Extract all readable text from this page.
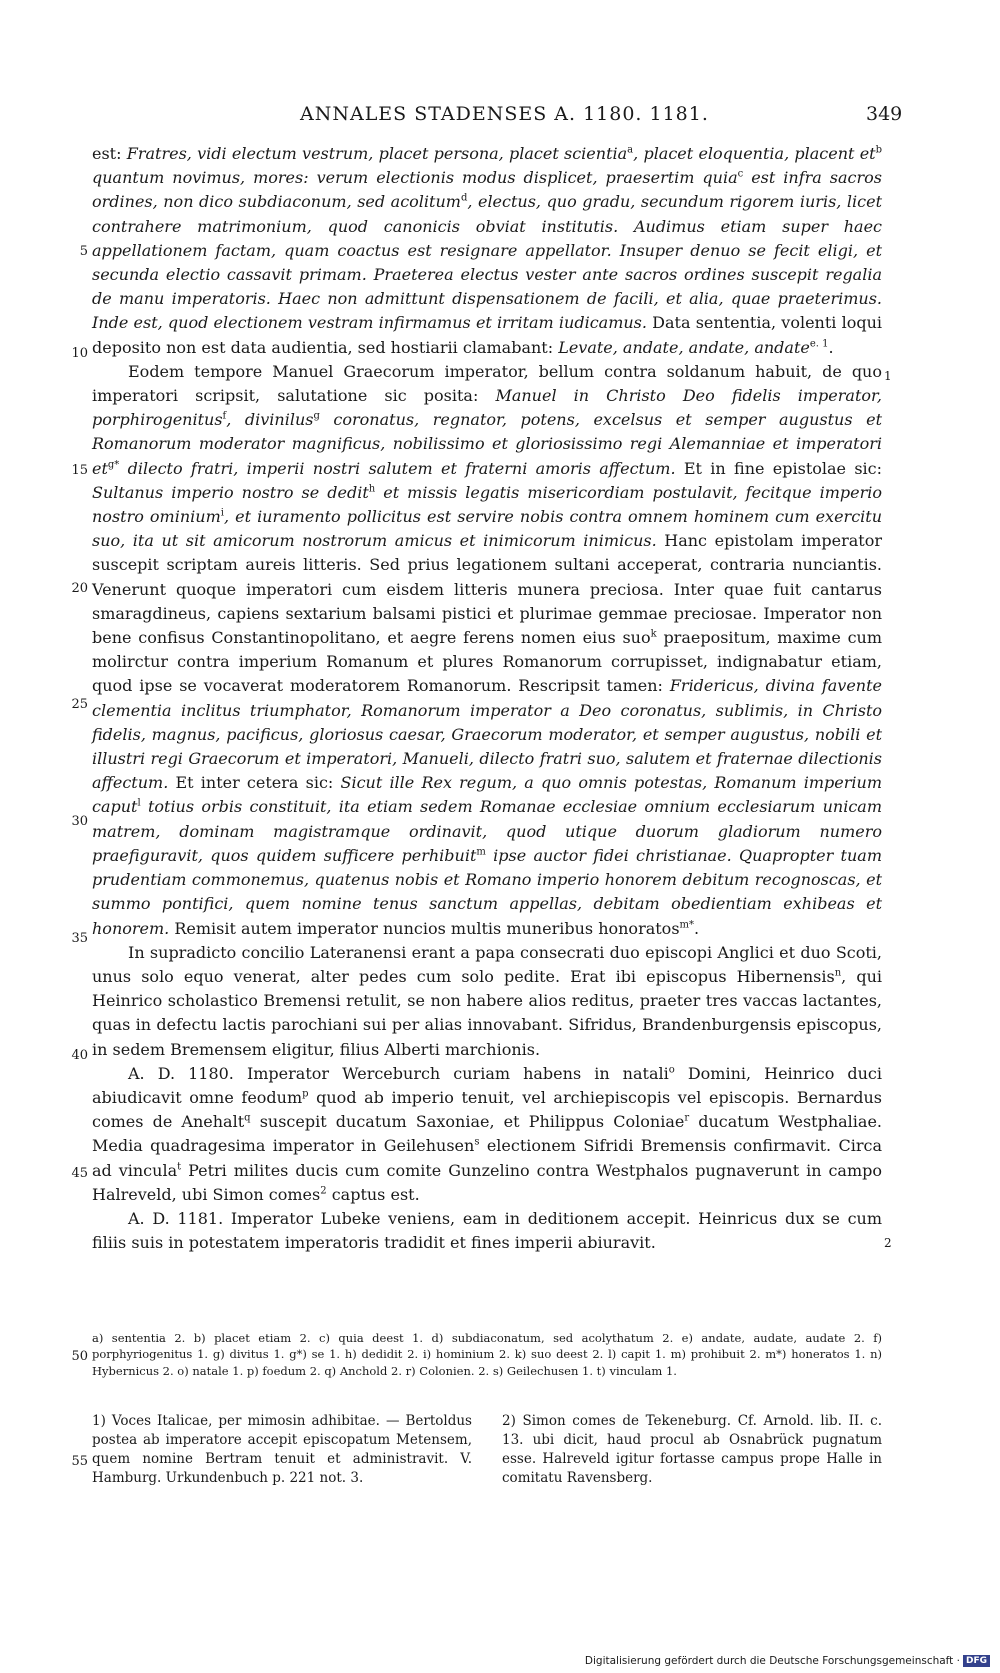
ANNALES STADENSES A. 1180. 1181.	349
5
10
15
20
25
30
35
40
45
50
55
1
2

est: Fratres, vidi electum vestrum, placet persona, placet scientia$^a$, placet eloquentia, placent $et^b$ quantum novimus, mores: verum electionis modus displicet, praesertim quia$^c$ est infra sacros ordines, non dico subdiaconum, sed acolitum$^d$, electus, quo gradu, secundum rigorem iuris, licet contrahere matrimonium, quod canonicis obviat institutis. Audimus etiam super haec appellationem factam, quam coactus est resignare appellator. Insuper denuo se fecit eligi, et secunda electio cassavit primam. Praeterea electus vester ante sacros ordines suscepit regalia de manu imperatoris. Haec non admittunt dispensationem de facili, et alia, quae praeterimus. Inde est, quod electionem vestram infirmamus et irritam iudicamus. Data sententia, volenti loqui deposito non est data audientia, sed hostiarii clamabant: Levate, andate, andate, andate$^{e. 1}$.

Eodem tempore Manuel Graecorum imperator, bellum contra soldanum habuit, de quo imperatori scripsit, salutatione sic posita: Manuel in Christo Deo fidelis imperator, porphirogenitus$^f$, divinilus$^g$ coronatus, regnator, potens, excelsus et semper augustus et Romanorum moderator magnificus, nobilissimo et gloriosissimo regi Alemanniae et imperatori $et^{g*}$ dilecto fratri, imperii nostri salutem et fraterni amoris affectum. Et in fine epistolae sic: Sultanus imperio nostro se dedit$^h$ et missis legatis misericordiam postulavit, fecitque imperio nostro ominium$^i$, et iuramento pollicitus est servire nobis contra omnem hominem cum exercitu suo, ita ut sit amicorum nostrorum amicus et inimicorum inimicus. Hanc epistolam imperator suscepit scriptam aureis litteris. Sed prius legationem sultani acceperat, contraria nunciantis. Venerunt quoque imperatori cum eisdem litteris munera preciosa. Inter quae fuit cantarus smaragdineus, capiens sextarium balsami pistici et plurimae gemmae preciosae. Imperator non bene confisus Constantinopolitano, et aegre ferens nomen eius suo$^k$ praepositum, maxime cum molirctur contra imperium Romanum et plures Romanorum corrupisset, indignabatur etiam, quod ipse se vocaverat moderatorem Romanorum. Rescripsit tamen: Fridericus, divina favente clementia inclitus triumphator, Romanorum imperator a Deo coronatus, sublimis, in Christo fidelis, magnus, pacificus, gloriosus caesar, Graecorum moderator, et semper augustus, nobili et illustri regi Graecorum et imperatori, Manueli, dilecto fratri suo, salutem et fraternae dilectionis affectum. Et inter cetera sic: Sicut ille Rex regum, a quo omnis potestas, Romanum imperium caput$^l$ totius orbis constituit, ita etiam sedem Romanae ecclesiae omnium ecclesiarum unicam matrem, dominam magistramque ordinavit, quod utique duorum gladiorum numero praefiguravit, quos quidem sufficere perhibuit$^m$ ipse auctor fidei christianae. Quapropter tuam prudentiam commonemus, quatenus nobis et Romano imperio honorem debitum recognoscas, et summo pontifici, quem nomine tenus sanctum appellas, debitam obedientiam exhibeas et honorem. Remisit autem imperator nuncios multis muneribus honoratos$^{m*}$.

In supradicto concilio Lateranensi erant a papa consecrati duo episcopi Anglici et duo Scoti, unus solo equo venerat, alter pedes cum solo pedite. Erat ibi episcopus Hibernensis$^n$, qui Heinrico scholastico Bremensi retulit, se non habere alios reditus, praeter tres vaccas lactantes, quas in defectu lactis parochiani sui per alias innovabant. Sifridus, Brandenburgensis episcopus, in sedem Bremensem eligitur, filius Alberti marchionis.

A. D. 1180. Imperator Werceburch curiam habens in natali$^o$ Domini, Heinrico duci abiudicavit omne feodum$^p$ quod ab imperio tenuit, vel archiepiscopis vel episcopis. Bernardus comes de Anehalt$^q$ suscepit ducatum Saxoniae, et Philippus Coloniae$^r$ ducatum Westphaliae. Media quadragesima imperator in Geilehusen$^s$ electionem Sifridi Bremensis confirmavit. Circa ad vincula$^t$ Petri milites ducis cum comite Gunzelino contra Westphalos pugnaverunt in campo Halreveld, ubi Simon comes$^2$ captus est.

A. D. 1181. Imperator Lubeke veniens, eam in deditionem accepit. Heinricus dux se cum filiis suis in potestatem imperatoris tradidit et fines imperii abiuravit.

a) sententia 2. b) placet etiam 2. c) quia deest 1. d) subdiaconatum, sed acolythatum 2. e) andate, audate, audate 2. f) porphyriogenitus 1. g) divitus 1. g*) se 1. h) dedidit 2. i) hominium 2. k) suo deest 2. l) capit 1. m) prohibuit 2. m*) honeratos 1. n) Hybernicus 2. o) natale 1. p) foedum 2. q) Anchold 2. r) Colonien. 2. s) Geilechusen 1. t) vinculam 1.

1) Voces Italicae, per mimosin adhibitae. — Bertoldus postea ab imperatore accepit episcopatum Metensem, quem nomine Bertram tenuit et administravit. V. Hamburg. Urkundenbuch p. 221 not. 3.

2) Simon comes de Tekeneburg. Cf. Arnold. lib. II. c. 13. ubi dicit, haud procul ab Osnabrück pugnatum esse. Halreveld igitur fortasse campus prope Halle in comitatu Ravensberg.

Digitalisierung gefördert durch die Deutsche Forschungsgemeinschaft · DFG
